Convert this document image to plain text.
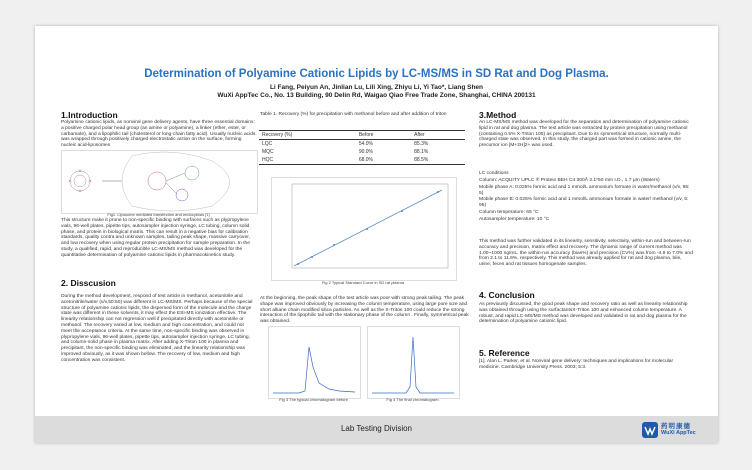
Determination of Polyamine Cationic Lipids by LC-MS/MS in SD Rat and Dog Plasma.
Li Fang, Peiyun An, Jinlian Lu, Lili Xing, Zhiyu Li, Yi Tao*, Liang Shen
WuXi AppTec Co., No. 13 Building, 90 Delin Rd, Waigao Qiao Free Trade Zone, Shanghai, CHINA 200131
1.Introduction
Polyamine cationic lipids, as nonviral gene delivery agents, have three essential domains: a positive charged polar head group (an amine or polyamine), a linker (ether, ester, or carbamate), and a lipophilic tail (cholesterol or long-chain fatty acid). Usually nucleic acids was wrapped through positively charged electrostatic action on the surface, forming nucleic acid-liposomes
Fig1. Liposome mediated transfection and endocytosis [1]
This structure make it prone to non-specific binding with surfaces such as plypropylene vials, 96-well plates, pipette tips, autosampler injection syringe, LC tubing, column solid phase, and protein in biological matrix. This can result in a negative bias for calibration standards, quality contra and unknown samples, tailing peak shape, massive carryover, and low recovery when using regular protein precipitation for sample preparation. In the study, a qualified, rapid, and reproducible LC-MS/MS method was developed for the quantitative determination of polyamine cationic lipids in pharmacokinetics study.
2. Disscusion
During the method development, respond of test article in methanol, acetonitrile and acetonitrile/water (v/v,50:50) was different in LC-MS/MS. Perhaps because of the special structure of polyamine cationic lipids, the dispersed form of the molecule and the charge state was different in these solvents, it may effect the ESI-MS ionization effective. The linearity relationship can not regression well if precipitated directly with acetonitrile or methanol. The recovery varied at low, medium and high concentration, and could not meet the acceptance criteria. At the same time, non-specific binding was observed in plypropylene vials, 96-well plates, pipette tips, autosampler injection syringe, LC tubing, and column-solid phase in plasma matrix. After adding X-Triton 100 in plasma and precipitant, the non-specific binding was eliminated, and the linearity relationship was improved obviously, as it was shown bellow. The recovery of low, medium and high concentration was consistent.
Table 1. Recovery (%) for precipitation with methanol before and after addition of triton
Recovery (%)	Before	After
LQC	54.0%	85.3%
MQC	90.0%	88.1%
HQC	68.0%	88.5%
Fig 2 Typical Standard Curve in SD rat plasma
At the beginning, the peak shape of the test article was poor with strong peak tailing. The peak shape was improved obviously by increasing the column temperature, using large pore size and short alkane chain modified silica particles. As well as the X-Triton 100 could reduce the strong interaction of the lipophilic tail with the stationary phase of the column . Finally, symmetrical peak was obtained.
Fig 3 The typical chromatogram before	Fig 4 The final chromatogram
3.Method
An LC-MS/MS method was developed for the separation and determination of polyamine cationic lipid in rat and dog plasma. The test article was extracted by protein precipitation using methanol (containing 0.5% X-Triton 100) as precipitant. Due to its symmetrical structure, normally multi-charged state was observed. In this study, the charged part was formed in cationic amine, the precursor ion [M+2H]2+ was used.
LC conditions

Column: ACQUITY UPLC ® Protein BEH C4 300Å 2.1*50 mm I.D., 1.7 μm (Waters)

Mobile phase A: 0.025% formic acid and 1 mmol/L ammonium formate in water/methanol (v/v, 95: 5)

Mobile phase B: 0.025% formic acid and 1 mmol/L ammonium formate in water/ methanol (v/v, 5: 95)

Column temperature: 65 °C

Autosampler temperature: 10 °C

This method was further validated in its linearity, sensitivity, selectivity, within-run and between-run accuracy and precision, matrix effect and recovery. The dynamic range of current method was 1.00~1000 ng/mL, the within-run accuracy (bias%) and precision (CV%) was from -4.9 to 7.0% and from 2.1 to 11.9%, respectively. This method was already applied for rat and dog plasma, bile, urine, feces and rat tissues homogenate samples.
4. Conclusion
As previously discussed, the good peak shape and recovery ratio as well as linearity relationship was obtained through using the surfactantsX-Triton 100 and enhanced column temperature. A robust, and rapid LC-MS/MS method was developed and validated in rat and dog plasma for the determination of polyamine cationic lipid.
5. Reference
[1]. Alan L. Parker, et al. Nonviral gene delivery: techniques and implications for molecular medicine. Cambridge University Press. 2003; 5:3.
Lab Testing Division	药明康德
WuXi AppTec
